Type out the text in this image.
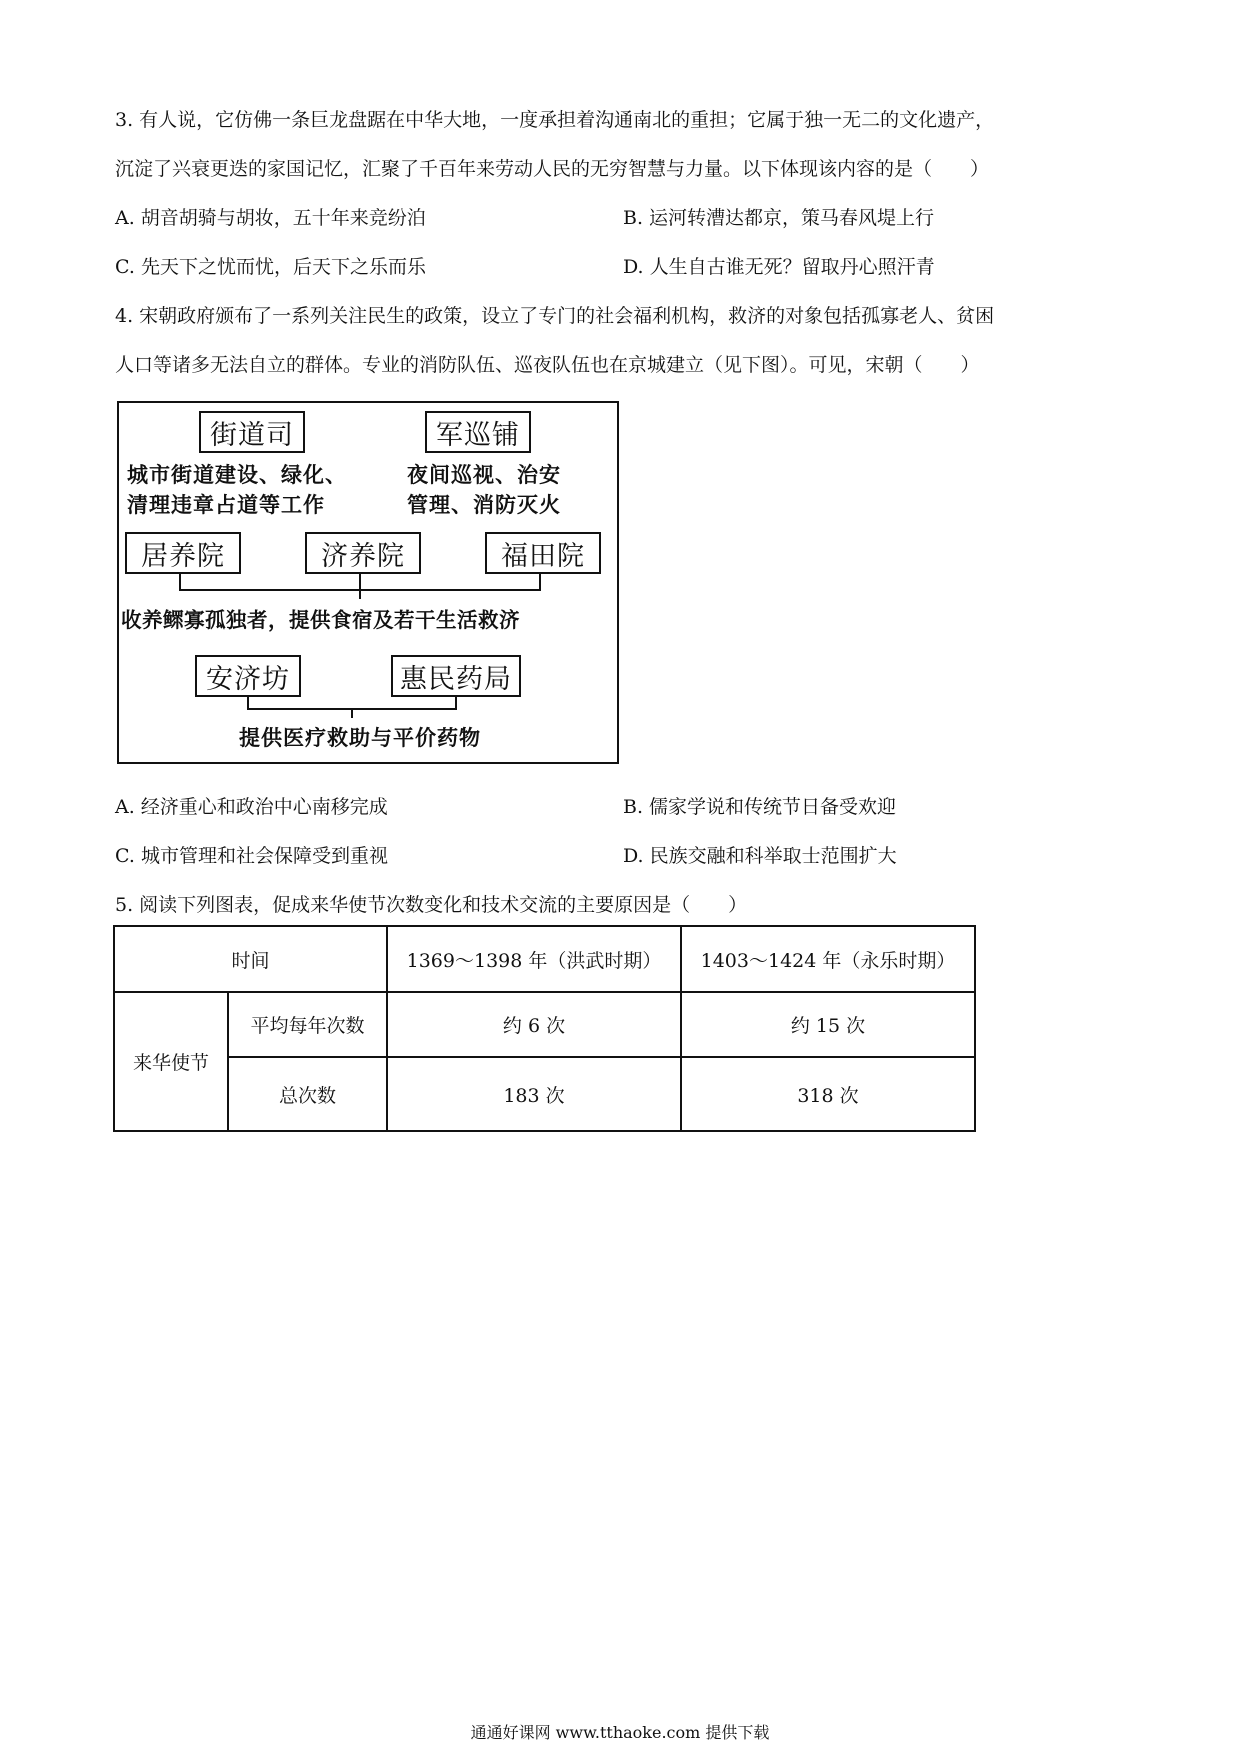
3. 有人说，它仿佛一条巨龙盘踞在中华大地，一度承担着沟通南北的重担；它属于独一无二的文化遗产，
沉淀了兴衰更迭的家国记忆，汇聚了千百年来劳动人民的无穷智慧与力量。以下体现该内容的是（　　）
A. 胡音胡骑与胡妆，五十年来竞纷泊	B. 运河转漕达都京，策马春风堤上行
C. 先天下之忧而忧，后天下之乐而乐	D. 人生自古谁无死？留取丹心照汗青
4. 宋朝政府颁布了一系列关注民生的政策，设立了专门的社会福利机构，救济的对象包括孤寡老人、贫困
人口等诸多无法自立的群体。专业的消防队伍、巡夜队伍也在京城建立（见下图）。可见，宋朝（　　）
街道司	军巡铺
城市街道建设、绿化、
清理违章占道等工作
夜间巡视、治安
管理、消防灭火
居养院	济养院	福田院
收养鳏寡孤独者，提供食宿及若干生活救济
安济坊	惠民药局
提供医疗救助与平价药物
A. 经济重心和政治中心南移完成	B. 儒家学说和传统节日备受欢迎
C. 城市管理和社会保障受到重视	D. 民族交融和科举取士范围扩大
5. 阅读下列图表，促成来华使节次数变化和技术交流的主要原因是（　　）
时间		1369～1398 年（洪武时期）	1403～1424 年（永乐时期）
来华使节	平均每年次数	约 6 次	约 15 次
	总次数	183 次	318 次
通通好课网 www.tthaoke.com 提供下载
